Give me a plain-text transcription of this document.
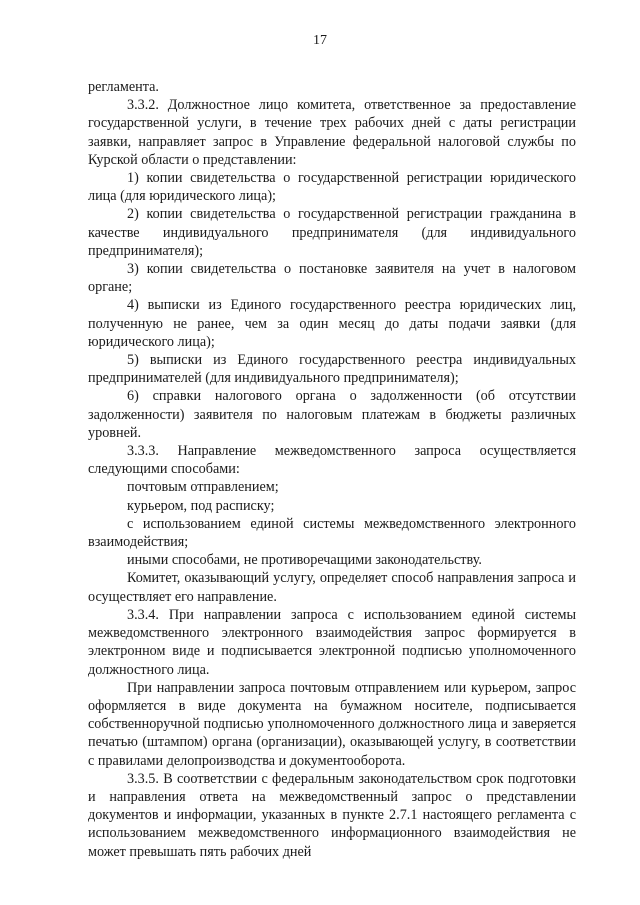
17

регламента.

3.3.2. Должностное лицо комитета, ответственное за предоставление государственной услуги, в течение трех рабочих дней с даты регистрации заявки, направляет запрос в Управление федеральной налоговой службы по Курской области о представлении:

1) копии свидетельства о государственной регистрации юридического лица (для юридического лица);

2) копии свидетельства о государственной регистрации гражданина в качестве индивидуального предпринимателя (для индивидуального предпринимателя);

3) копии свидетельства о постановке заявителя на учет в налоговом органе;

4) выписки из Единого государственного реестра юридических лиц, полученную не ранее, чем за один месяц до даты подачи заявки (для юридического лица);

5) выписки из Единого государственного реестра индивидуальных предпринимателей (для индивидуального предпринимателя);

6) справки налогового органа о задолженности (об отсутствии задолженности) заявителя по налоговым платежам в бюджеты различных уровней.

3.3.3. Направление межведомственного запроса осуществляется следующими способами:

почтовым отправлением;

курьером, под расписку;

с использованием единой системы межведомственного электронного взаимодействия;

иными способами, не противоречащими законодательству.

Комитет, оказывающий услугу, определяет способ направления запроса и осуществляет его направление.

3.3.4. При направлении запроса с использованием единой системы межведомственного электронного взаимодействия запрос формируется в электронном виде и подписывается электронной подписью уполномоченного должностного лица.

При направлении запроса почтовым отправлением или курьером, запрос оформляется в виде документа на бумажном носителе, подписывается собственноручной подписью уполномоченного должностного лица и заверяется печатью (штампом) органа (организации), оказывающей услугу, в соответствии с правилами делопроизводства и документооборота.

3.3.5. В соответствии с федеральным законодательством срок подготовки и направления ответа на межведомственный запрос о представлении документов и информации, указанных в пункте 2.7.1 настоящего регламента с использованием межведомственного информационного взаимодействия не может превышать пять рабочих дней
